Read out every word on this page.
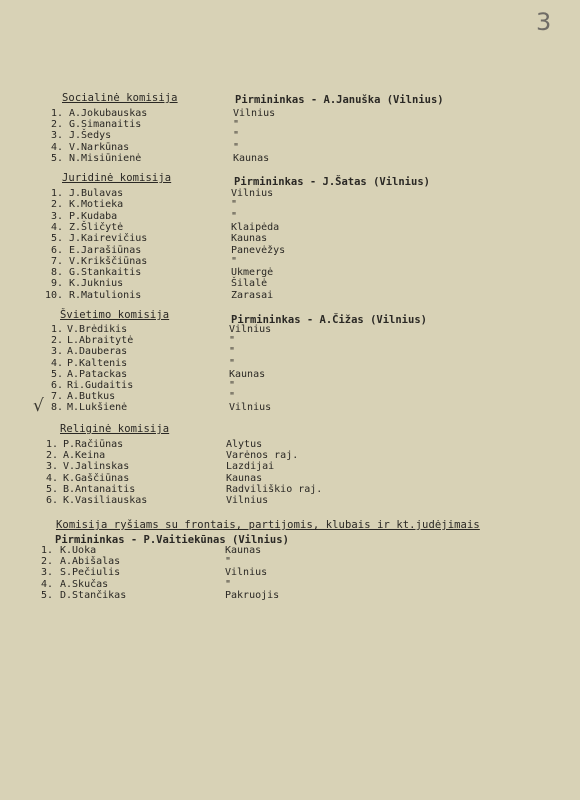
3
√
Socialinė komisija	Pirmininkas - A.Januška (Vilnius)
1. A.Jokubauskas	Vilnius
2. G.Simanaitis	"
3. J.Šedys	"
4. V.Narkūnas	"
5. N.Misiūnienė	Kaunas
Juridinė komisija	Pirmininkas - J.Šatas (Vilnius)
1. J.Bulavas	Vilnius
2. K.Motieka	"
3. P.Kudaba	"
4. Z.Šličytė	Klaipėda
5. J.Kairevičius	Kaunas
6. E.Jarašiūnas	Panevėžys
7. V.Krikščiūnas	"
8. G.Stankaitis	Ukmergė
9. K.Juknius	Šilalė
10. R.Matulionis	Zarasai
Švietimo komisija	Pirmininkas - A.Čižas (Vilnius)
1. V.Brėdikis	Vilnius
2. L.Abraitytė	"
3. A.Dauberas	"
4. P.Kaltenis	"
5. A.Patackas	Kaunas
6. Ri.Gudaitis	"
7. A.Butkus	"
8. M.Lukšienė	Vilnius
Religinė komisija
1. P.Račiūnas	Alytus
2. A.Keina	Varėnos raj.
3. V.Jalinskas	Lazdijai
4. K.Gaščiūnas	Kaunas
5. B.Antanaitis	Radviliškio raj.
6. K.Vasiliauskas	Vilnius
Komisija ryšiams su frontais, partijomis, klubais ir kt.judėjimais
Pirmininkas - P.Vaitiekūnas (Vilnius)
1. K.Uoka	Kaunas
2. A.Abišalas	"
3. S.Pečiulis	Vilnius
4. A.Skučas	"
5. D.Stančikas	Pakruojis
